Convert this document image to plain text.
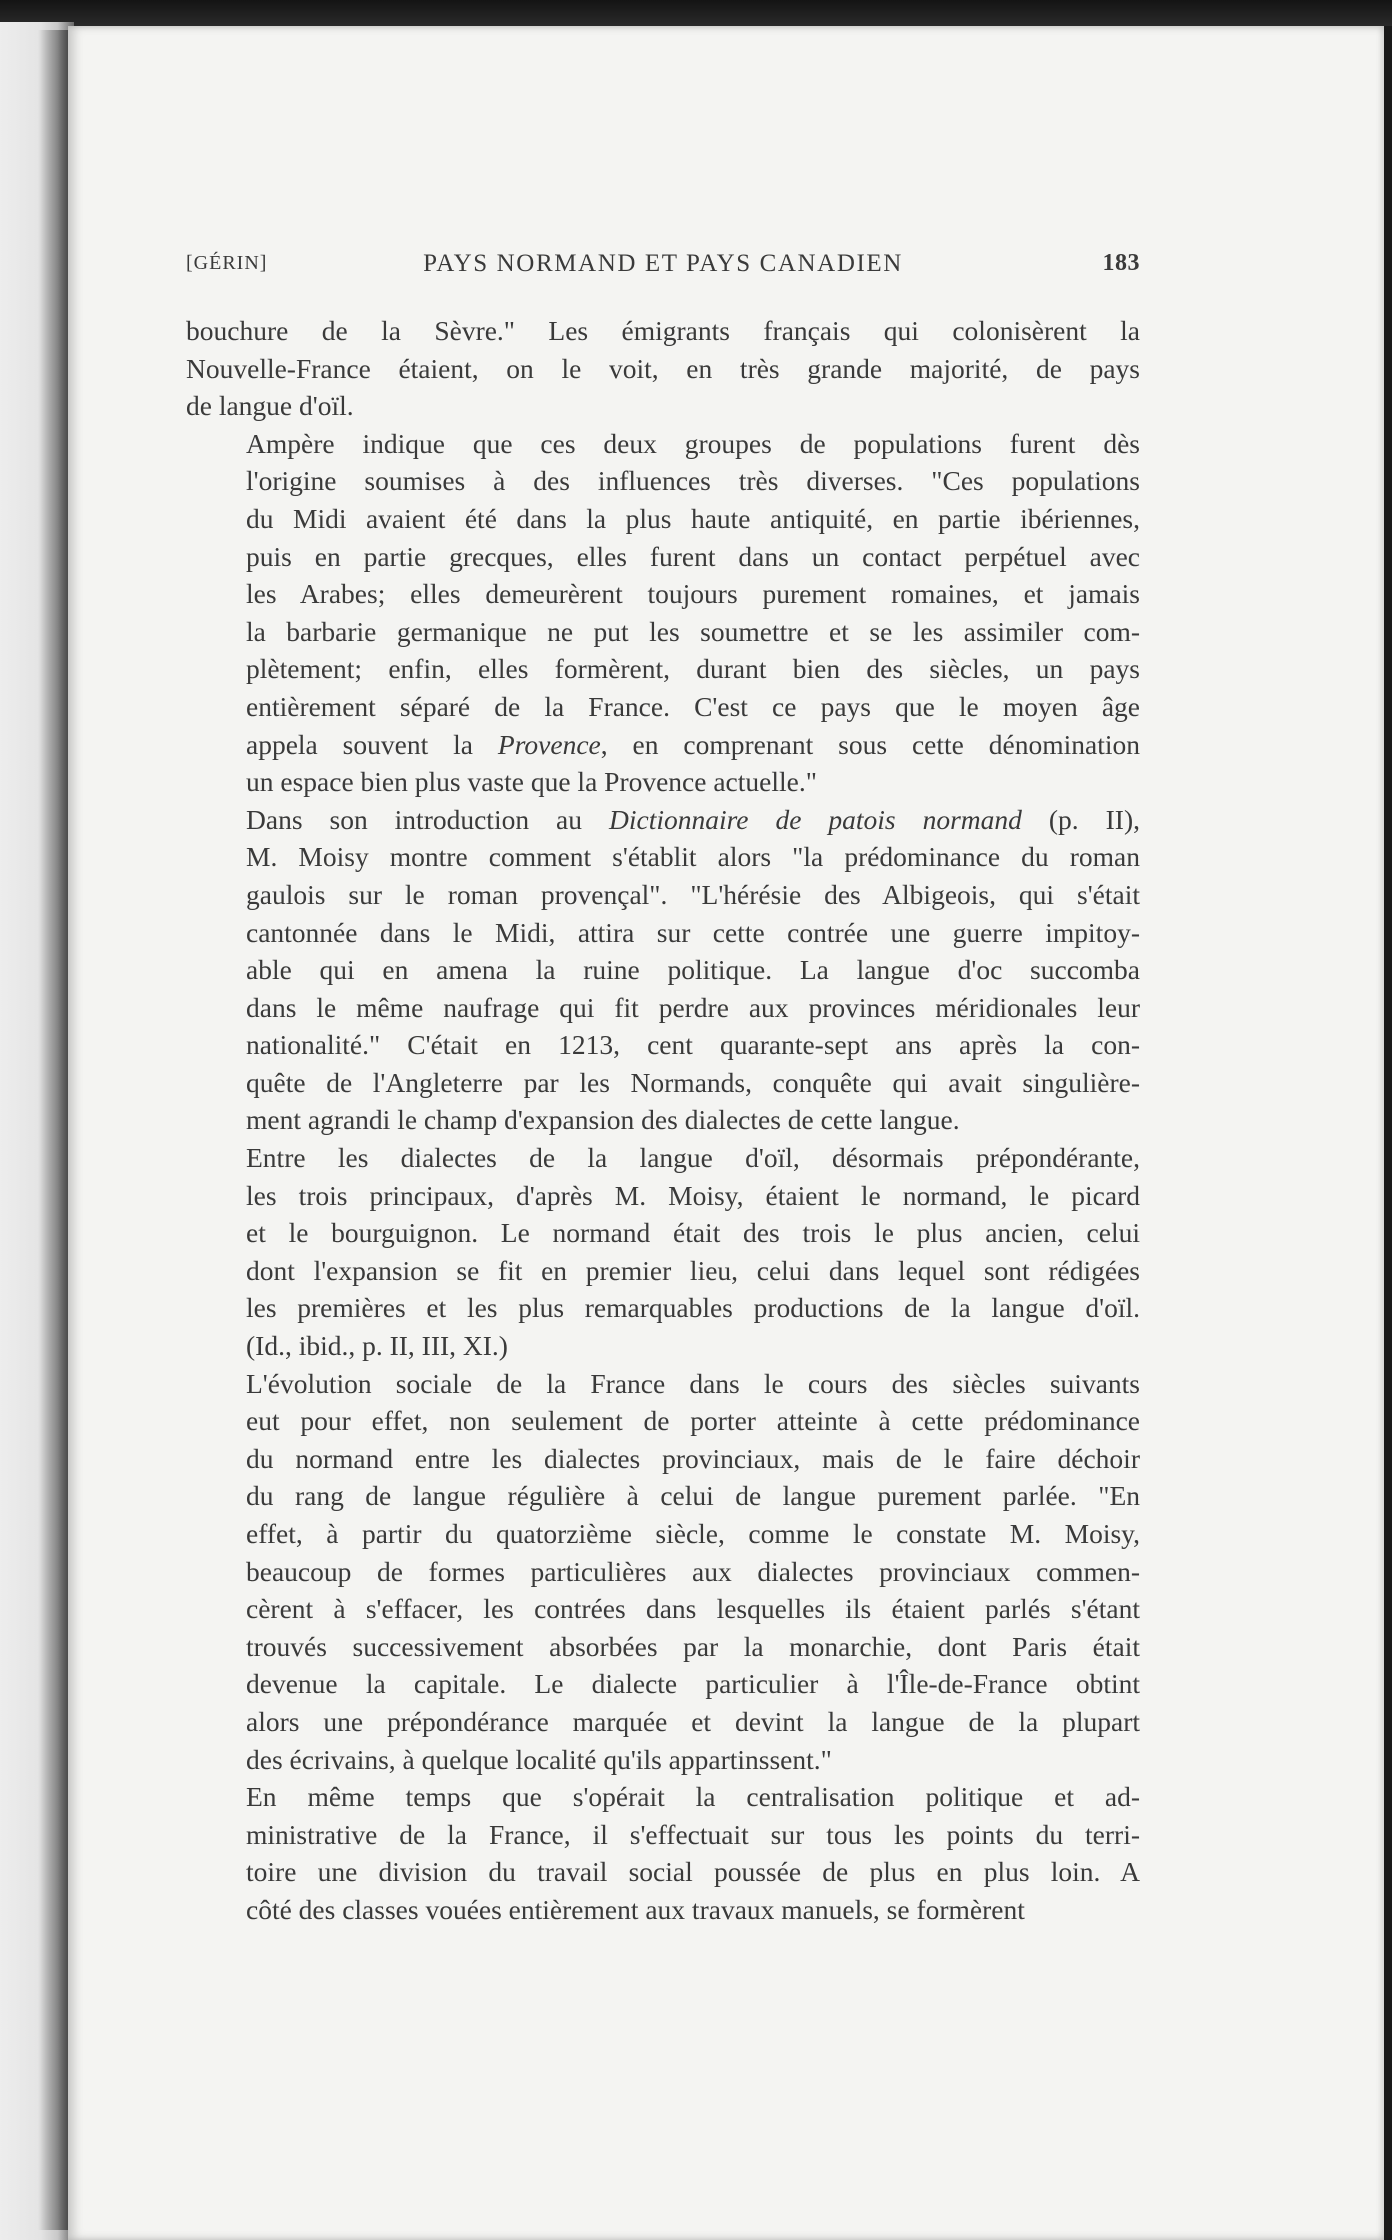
[GÉRIN]	PAYS NORMAND ET PAYS CANADIEN	183

bouchure de la Sèvre." Les émigrants français qui colonisèrent la
Nouvelle-France étaient, on le voit, en très grande majorité, de pays
de langue d'oïl.

Ampère indique que ces deux groupes de populations furent dès
l'origine soumises à des influences très diverses. "Ces populations
du Midi avaient été dans la plus haute antiquité, en partie ibériennes,
puis en partie grecques, elles furent dans un contact perpétuel avec
les Arabes; elles demeurèrent toujours purement romaines, et jamais
la barbarie germanique ne put les soumettre et se les assimiler com-
plètement; enfin, elles formèrent, durant bien des siècles, un pays
entièrement séparé de la France. C'est ce pays que le moyen âge
appela souvent la Provence, en comprenant sous cette dénomination
un espace bien plus vaste que la Provence actuelle."

Dans son introduction au Dictionnaire de patois normand (p. II),
M. Moisy montre comment s'établit alors "la prédominance du roman
gaulois sur le roman provençal". "L'hérésie des Albigeois, qui s'était
cantonnée dans le Midi, attira sur cette contrée une guerre impitoy-
able qui en amena la ruine politique. La langue d'oc succomba
dans le même naufrage qui fit perdre aux provinces méridionales leur
nationalité." C'était en 1213, cent quarante-sept ans après la con-
quête de l'Angleterre par les Normands, conquête qui avait singulière-
ment agrandi le champ d'expansion des dialectes de cette langue.

Entre les dialectes de la langue d'oïl, désormais prépondérante,
les trois principaux, d'après M. Moisy, étaient le normand, le picard
et le bourguignon. Le normand était des trois le plus ancien, celui
dont l'expansion se fit en premier lieu, celui dans lequel sont rédigées
les premières et les plus remarquables productions de la langue d'oïl.
(Id., ibid., p. II, III, XI.)

L'évolution sociale de la France dans le cours des siècles suivants
eut pour effet, non seulement de porter atteinte à cette prédominance
du normand entre les dialectes provinciaux, mais de le faire déchoir
du rang de langue régulière à celui de langue purement parlée. "En
effet, à partir du quatorzième siècle, comme le constate M. Moisy,
beaucoup de formes particulières aux dialectes provinciaux commen-
cèrent à s'effacer, les contrées dans lesquelles ils étaient parlés s'étant
trouvés successivement absorbées par la monarchie, dont Paris était
devenue la capitale. Le dialecte particulier à l'Île-de-France obtint
alors une prépondérance marquée et devint la langue de la plupart
des écrivains, à quelque localité qu'ils appartinssent."

En même temps que s'opérait la centralisation politique et ad-
ministrative de la France, il s'effectuait sur tous les points du terri-
toire une division du travail social poussée de plus en plus loin. A
côté des classes vouées entièrement aux travaux manuels, se formèrent
